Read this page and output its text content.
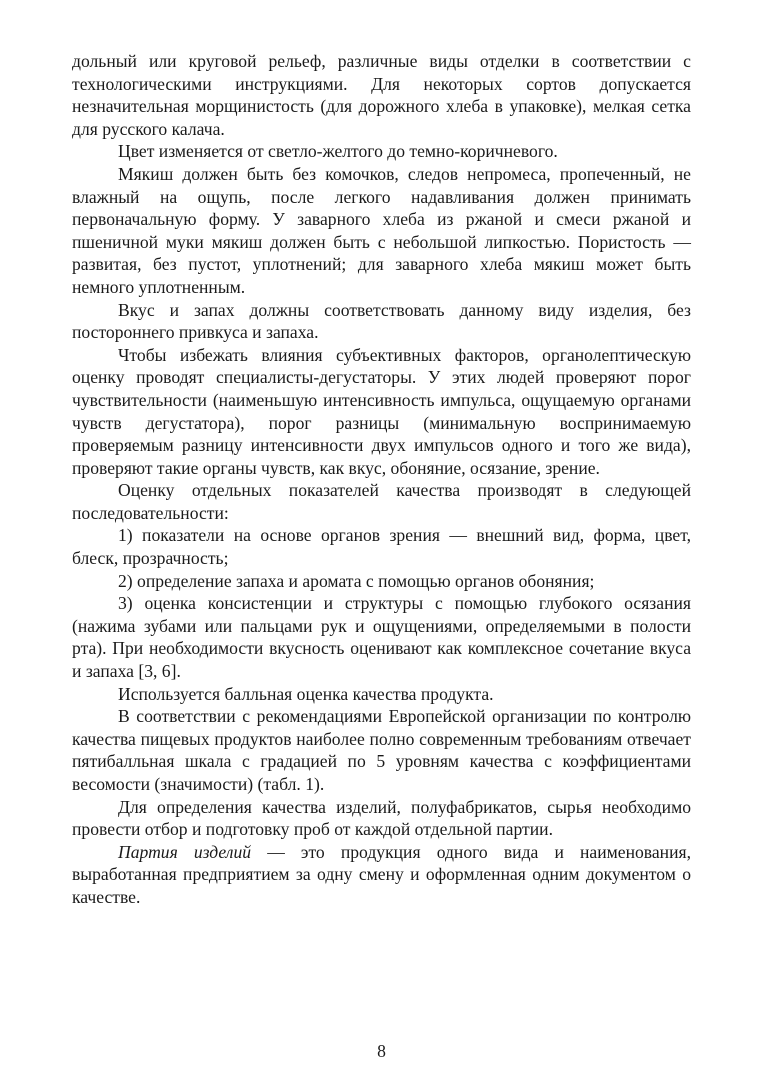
дольный или круговой рельеф, различные виды отделки в соответствии с технологическими инструкциями. Для некоторых сортов допускается незначительная морщинистость (для дорожного хлеба в упаковке), мелкая сетка для русского калача.

Цвет изменяется от светло-желтого до темно-коричневого.

Мякиш должен быть без комочков, следов непромеса, пропеченный, не влажный на ощупь, после легкого надавливания должен принимать первоначальную форму. У заварного хлеба из ржаной и смеси ржаной и пшеничной муки мякиш должен быть с небольшой липкостью. Пористость — развитая, без пустот, уплотнений; для заварного хлеба мякиш может быть немного уплотненным.

Вкус и запах должны соответствовать данному виду изделия, без постороннего привкуса и запаха.

Чтобы избежать влияния субъективных факторов, органолептическую оценку проводят специалисты-дегустаторы. У этих людей проверяют порог чувствительности (наименьшую интенсивность импульса, ощущаемую органами чувств дегустатора), порог разницы (минимальную воспринимаемую проверяемым разницу интенсивности двух импульсов одного и того же вида), проверяют такие органы чувств, как вкус, обоняние, осязание, зрение.

Оценку отдельных показателей качества производят в следующей последовательности:

1) показатели на основе органов зрения — внешний вид, форма, цвет, блеск, прозрачность;

2) определение запаха и аромата с помощью органов обоняния;

3) оценка консистенции и структуры с помощью глубокого осязания (нажима зубами или пальцами рук и ощущениями, определяемыми в полости рта). При необходимости вкусность оценивают как комплексное сочетание вкуса и запаха [3, 6].

Используется балльная оценка качества продукта.

В соответствии с рекомендациями Европейской организации по контролю качества пищевых продуктов наиболее полно современным требованиям отвечает пятибалльная шкала с градацией по 5 уровням качества с коэффициентами весомости (значимости) (табл. 1).

Для определения качества изделий, полуфабрикатов, сырья необходимо провести отбор и подготовку проб от каждой отдельной партии.

Партия изделий — это продукция одного вида и наименования, выработанная предприятием за одну смену и оформленная одним документом о качестве.

8
